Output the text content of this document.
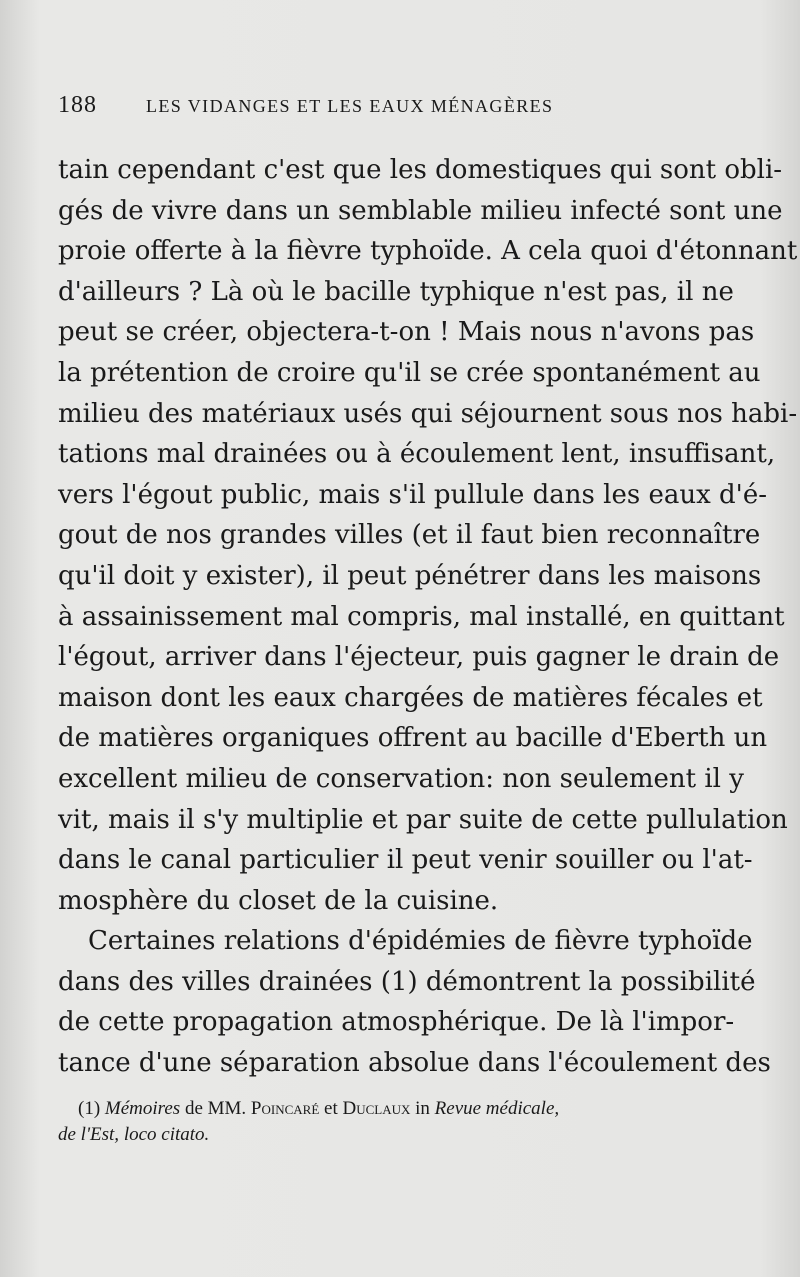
188	LES VIDANGES ET LES EAUX MÉNAGÈRES
tain cependant c'est que les domestiques qui sont obli-
gés de vivre dans un semblable milieu infecté sont une
proie offerte à la fièvre typhoïde. A cela quoi d'étonnant
d'ailleurs ? Là où le bacille typhique n'est pas, il ne
peut se créer, objectera-t-on ! Mais nous n'avons pas
la prétention de croire qu'il se crée spontanément au
milieu des matériaux usés qui séjournent sous nos habi-
tations mal drainées ou à écoulement lent, insuffisant,
vers l'égout public, mais s'il pullule dans les eaux d'é-
gout de nos grandes villes (et il faut bien reconnaître
qu'il doit y exister), il peut pénétrer dans les maisons
à assainissement mal compris, mal installé, en quittant
l'égout, arriver dans l'éjecteur, puis gagner le drain de
maison dont les eaux chargées de matières fécales et
de matières organiques offrent au bacille d'Eberth un
excellent milieu de conservation: non seulement il y
vit, mais il s'y multiplie et par suite de cette pullulation
dans le canal particulier il peut venir souiller ou l'at-
mosphère du closet de la cuisine.
Certaines relations d'épidémies de fièvre typhoïde
dans des villes drainées (1) démontrent la possibilité
de cette propagation atmosphérique. De là l'impor-
tance d'une séparation absolue dans l'écoulement des
(1) Mémoires de MM. Poincaré et Duclaux in Revue médicale,
de l'Est, loco citato.
